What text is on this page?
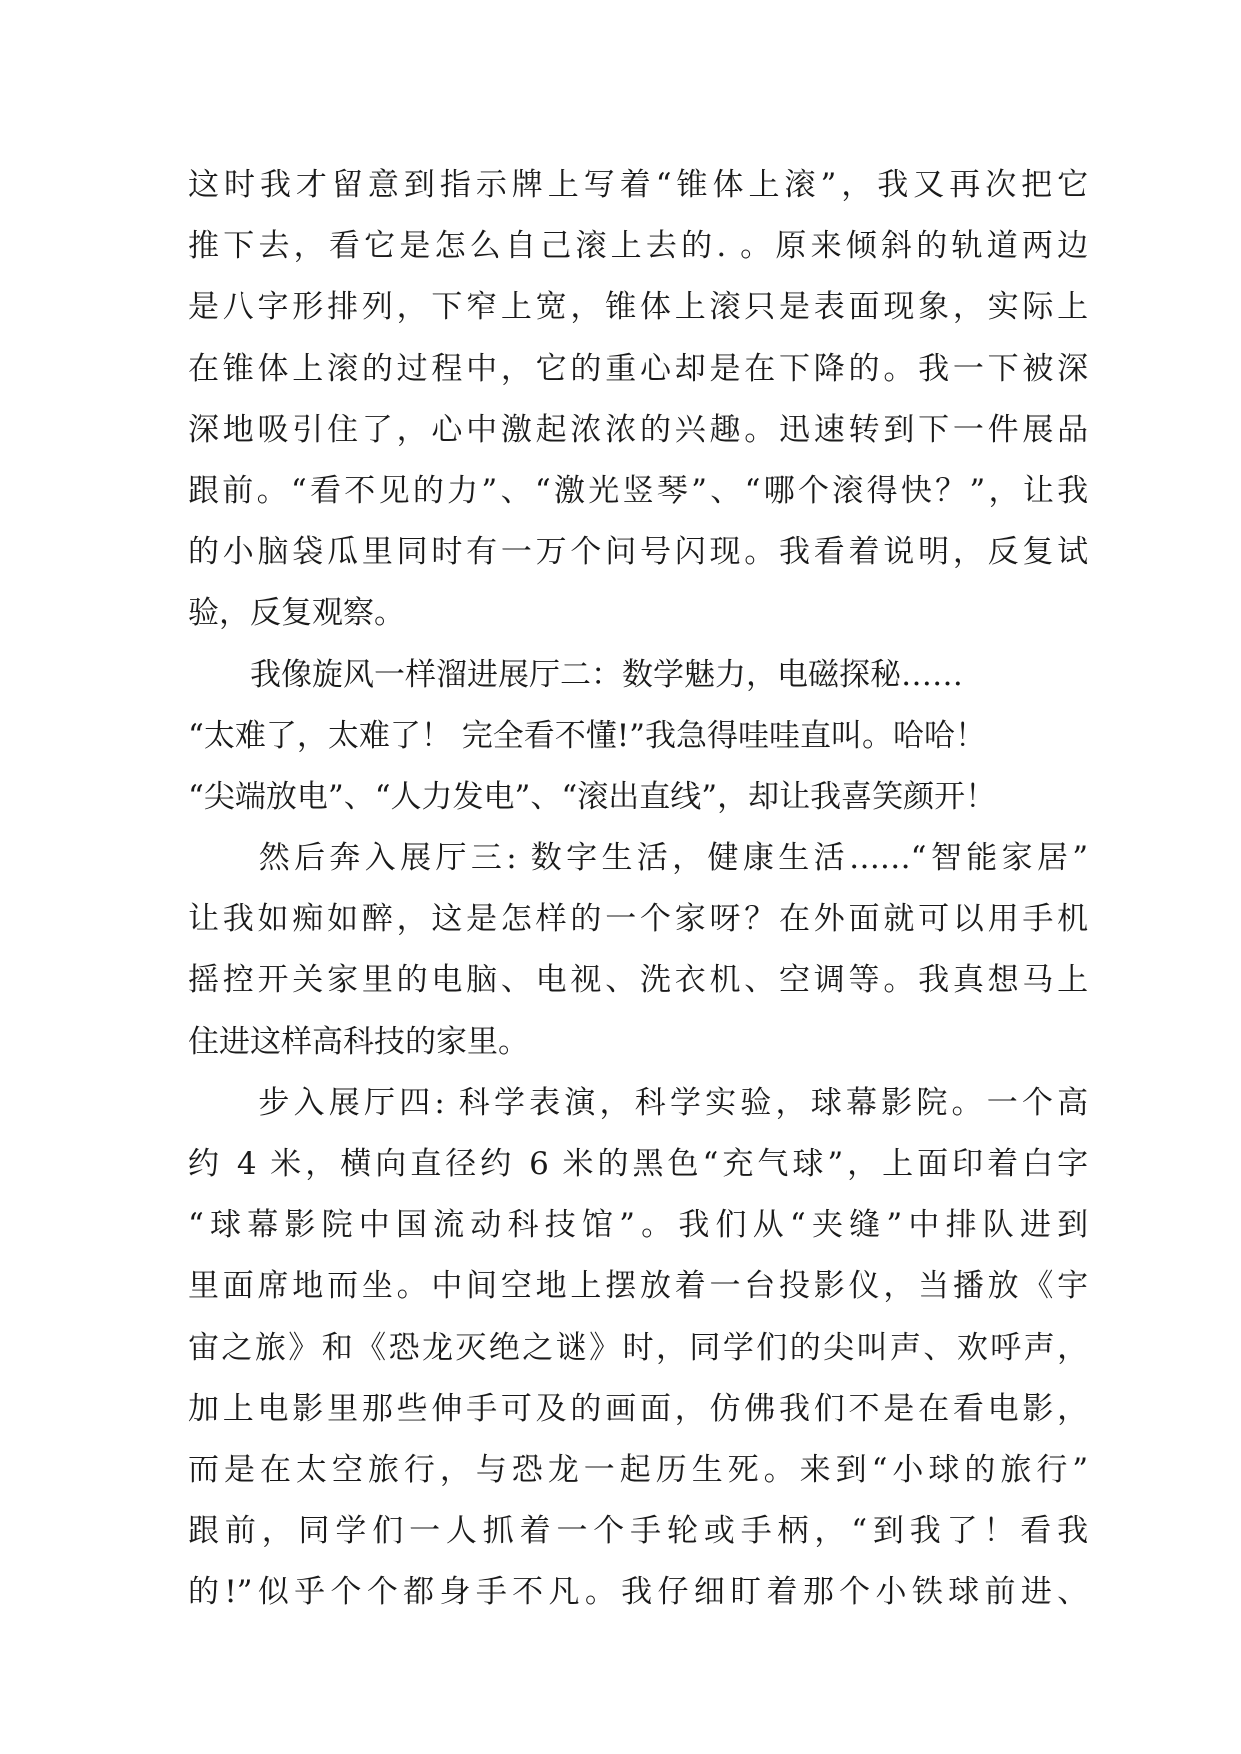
这时我才留意到指示牌上写着“锥体上滚”，我又再次把它
推下去，看它是怎么自己滚上去的. 。原来倾斜的轨道两边
是八字形排列，下窄上宽，锥体上滚只是表面现象，实际上
在锥体上滚的过程中，它的重心却是在下降的。我一下被深
深地吸引住了，心中激起浓浓的兴趣。迅速转到下一件展品
跟前。“看不见的力”、“激光竖琴”、“哪个滚得快？”，让我
的小脑袋瓜里同时有一万个问号闪现。我看着说明，反复试
验，反复观察。
　　我像旋风一样溜进展厅二：数学魅力，电磁探秘……
“太难了，太难了！ 完全看不懂!”我急得哇哇直叫。哈哈！
“尖端放电”、“人力发电”、“滚出直线”，却让我喜笑颜开！
　　然后奔入展厅三: 数字生活，健康生活……“智能家居”
让我如痴如醉，这是怎样的一个家呀？在外面就可以用手机
摇控开关家里的电脑、电视、洗衣机、空调等。我真想马上
住进这样高科技的家里。
　　步入展厅四: 科学表演，科学实验，球幕影院。一个高
约 4 米，横向直径约 6 米的黑色“充气球”，上面印着白字
“球幕影院中国流动科技馆”。我们从“夹缝”中排队进到
里面席地而坐。中间空地上摆放着一台投影仪，当播放《宇
宙之旅》和《恐龙灭绝之谜》时，同学们的尖叫声、欢呼声，
加上电影里那些伸手可及的画面，仿佛我们不是在看电影，
而是在太空旅行，与恐龙一起历生死。来到“小球的旅行”
跟前，同学们一人抓着一个手轮或手柄，“到我了！看我
的!”似乎个个都身手不凡。我仔细盯着那个小铁球前进、
